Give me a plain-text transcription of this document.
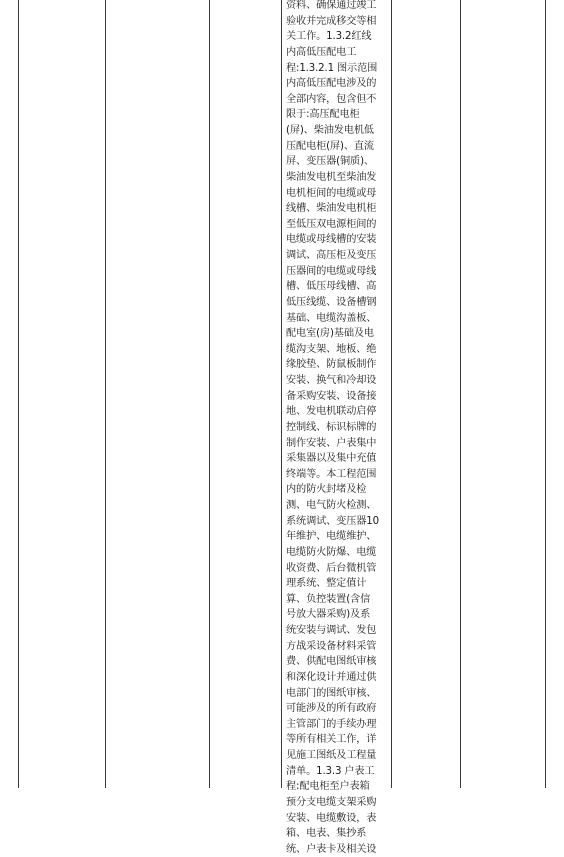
资料、确保通过竣工
验收并完成移交等相
关工作。1.3.2红线
内高低压配电工
程:1.3.2.1 图示范围
内高低压配电涉及的
全部内容，包含但不
限于:高压配电柜
(屏)、柴油发电机低
压配电柜(屏)、直流
屏、变压器(铜质)、
柴油发电机至柴油发
电机柜间的电缆或母
线槽、柴油发电机柜
至低压双电源柜间的
电缆或母线槽的安装
调试、高压柜及变压
压器间的电缆或母线
槽、低压母线槽、高
低压线缆、设备槽钢
基础、电缆沟盖板、
配电室(房)基础及电
缆沟支架、地板、绝
缘胶垫、防鼠板制作
安装、换气和冷却设
备采购安装、设备接
地、发电机联动启停
控制线、标识标牌的
制作安装、户表集中
采集器以及集中充值
终端等。本工程范围
内的防火封堵及检
测、电气防火检测、
系统调试、变压器10
年维护、电缆维护、
电缆防火防爆、电缆
收资费、后台微机管
理系统、整定值计
算、负控装置(含信
号放大器采购)及系
统安装与调试、发包
方战采设备材料采管
费、供配电图纸审核
和深化设计并通过供
电部门的图纸审核、
可能涉及的所有政府
主管部门的手续办理
等所有相关工作，详
见施工图纸及工程量
清单。1.3.3 户表工
程:配电柜至户表箱
预分支电缆支架采购
安装、电缆敷设，表
箱、电表、集抄系
统、户表卡及相关设
